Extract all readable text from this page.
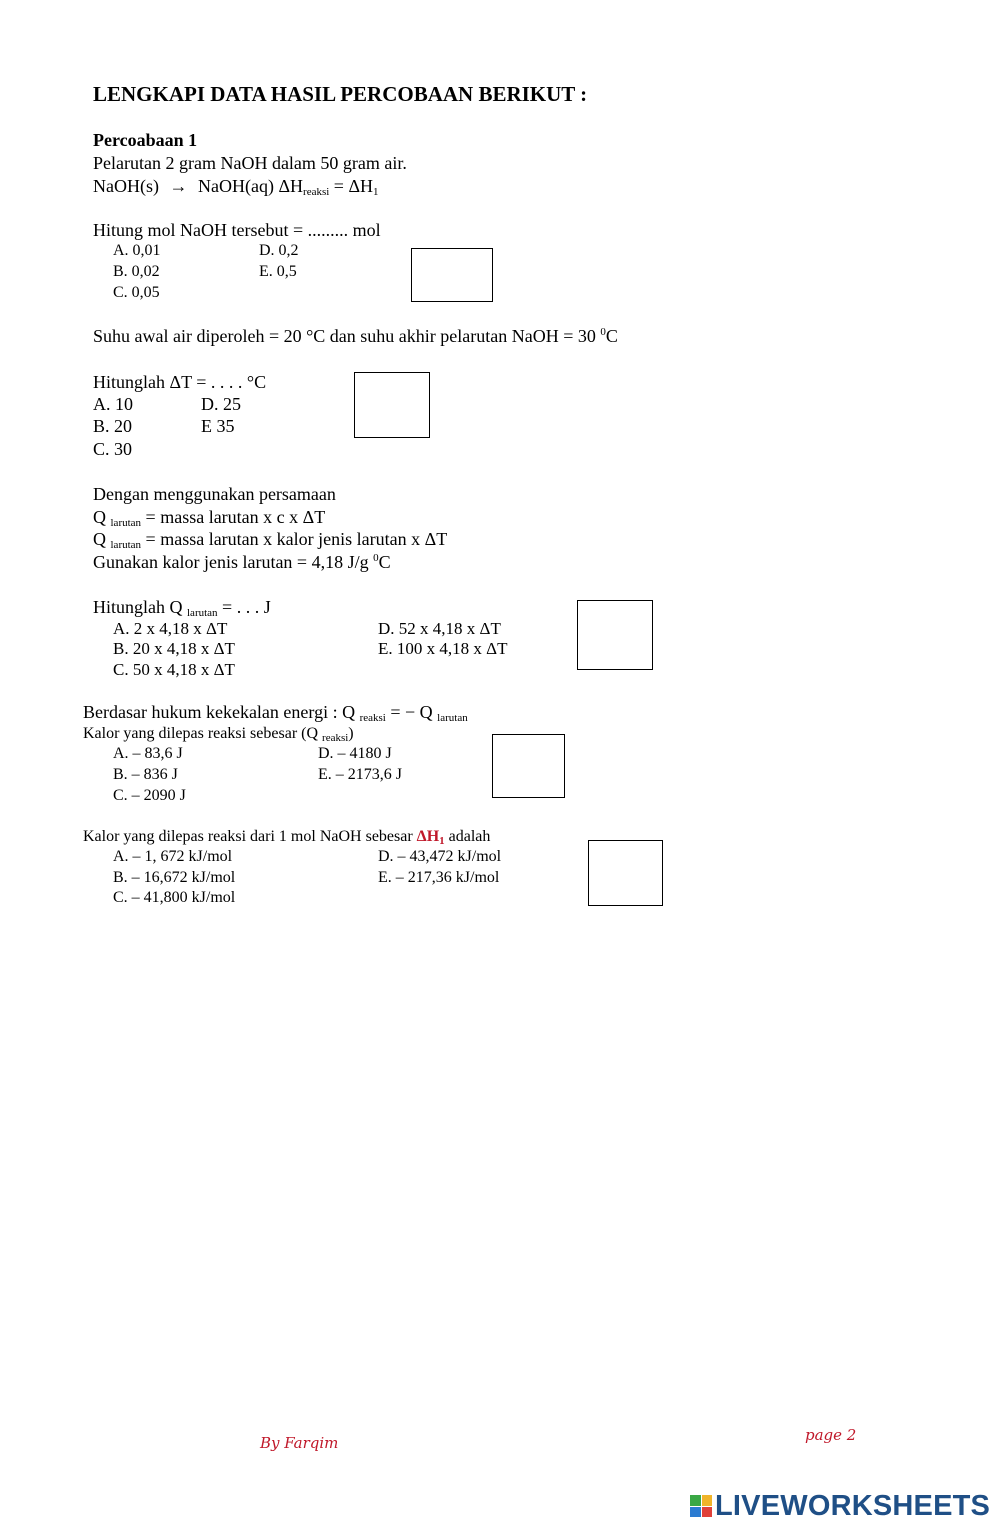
LENGKAPI DATA HASIL PERCOBAAN BERIKUT :
Percoabaan 1
Pelarutan 2 gram NaOH dalam 50 gram air.
NaOH(s) → NaOH(aq) $\Delta H_{reaksi} = \Delta H_1$
Hitung mol NaOH tersebut = ......... mol
A. 0,01
B. 0,02
C. 0,05
D. 0,2
E. 0,5
Suhu awal air diperoleh = 20 °C dan suhu akhir pelarutan NaOH = 30 $^0$C
Hitunglah ΔT = . . . . °C
A. 10
B. 20
C. 30
D. 25
E 35
Dengan menggunakan persamaan
Q $_{larutan}$ = massa larutan x c x ΔT
Q $_{larutan}$ = massa larutan x kalor jenis larutan x ΔT
Gunakan kalor jenis larutan = 4,18 J/g $^0$C
Hitunglah Q $_{larutan}$ = . . . J
A. 2 x 4,18 x ΔT
B. 20 x 4,18 x ΔT
C. 50 x 4,18 x ΔT
D. 52 x 4,18 x ΔT
E. 100 x 4,18 x ΔT
Berdasar hukum kekekalan energi : Q $_{reaksi}$ = − Q $_{larutan}$
Kalor yang dilepas reaksi sebesar (Q $_{reaksi}$)
A. – 83,6 J
B. – 836 J
C. – 2090 J
D. – 4180 J
E. – 2173,6 J
Kalor yang dilepas reaksi dari 1 mol NaOH sebesar $\Delta H_1$ adalah
A. – 1, 672 kJ/mol
B. – 16,672 kJ/mol
C. – 41,800 kJ/mol
D. – 43,472 kJ/mol
E. – 217,36 kJ/mol
By Farqim	page 2
LIVEWORKSHEETS
